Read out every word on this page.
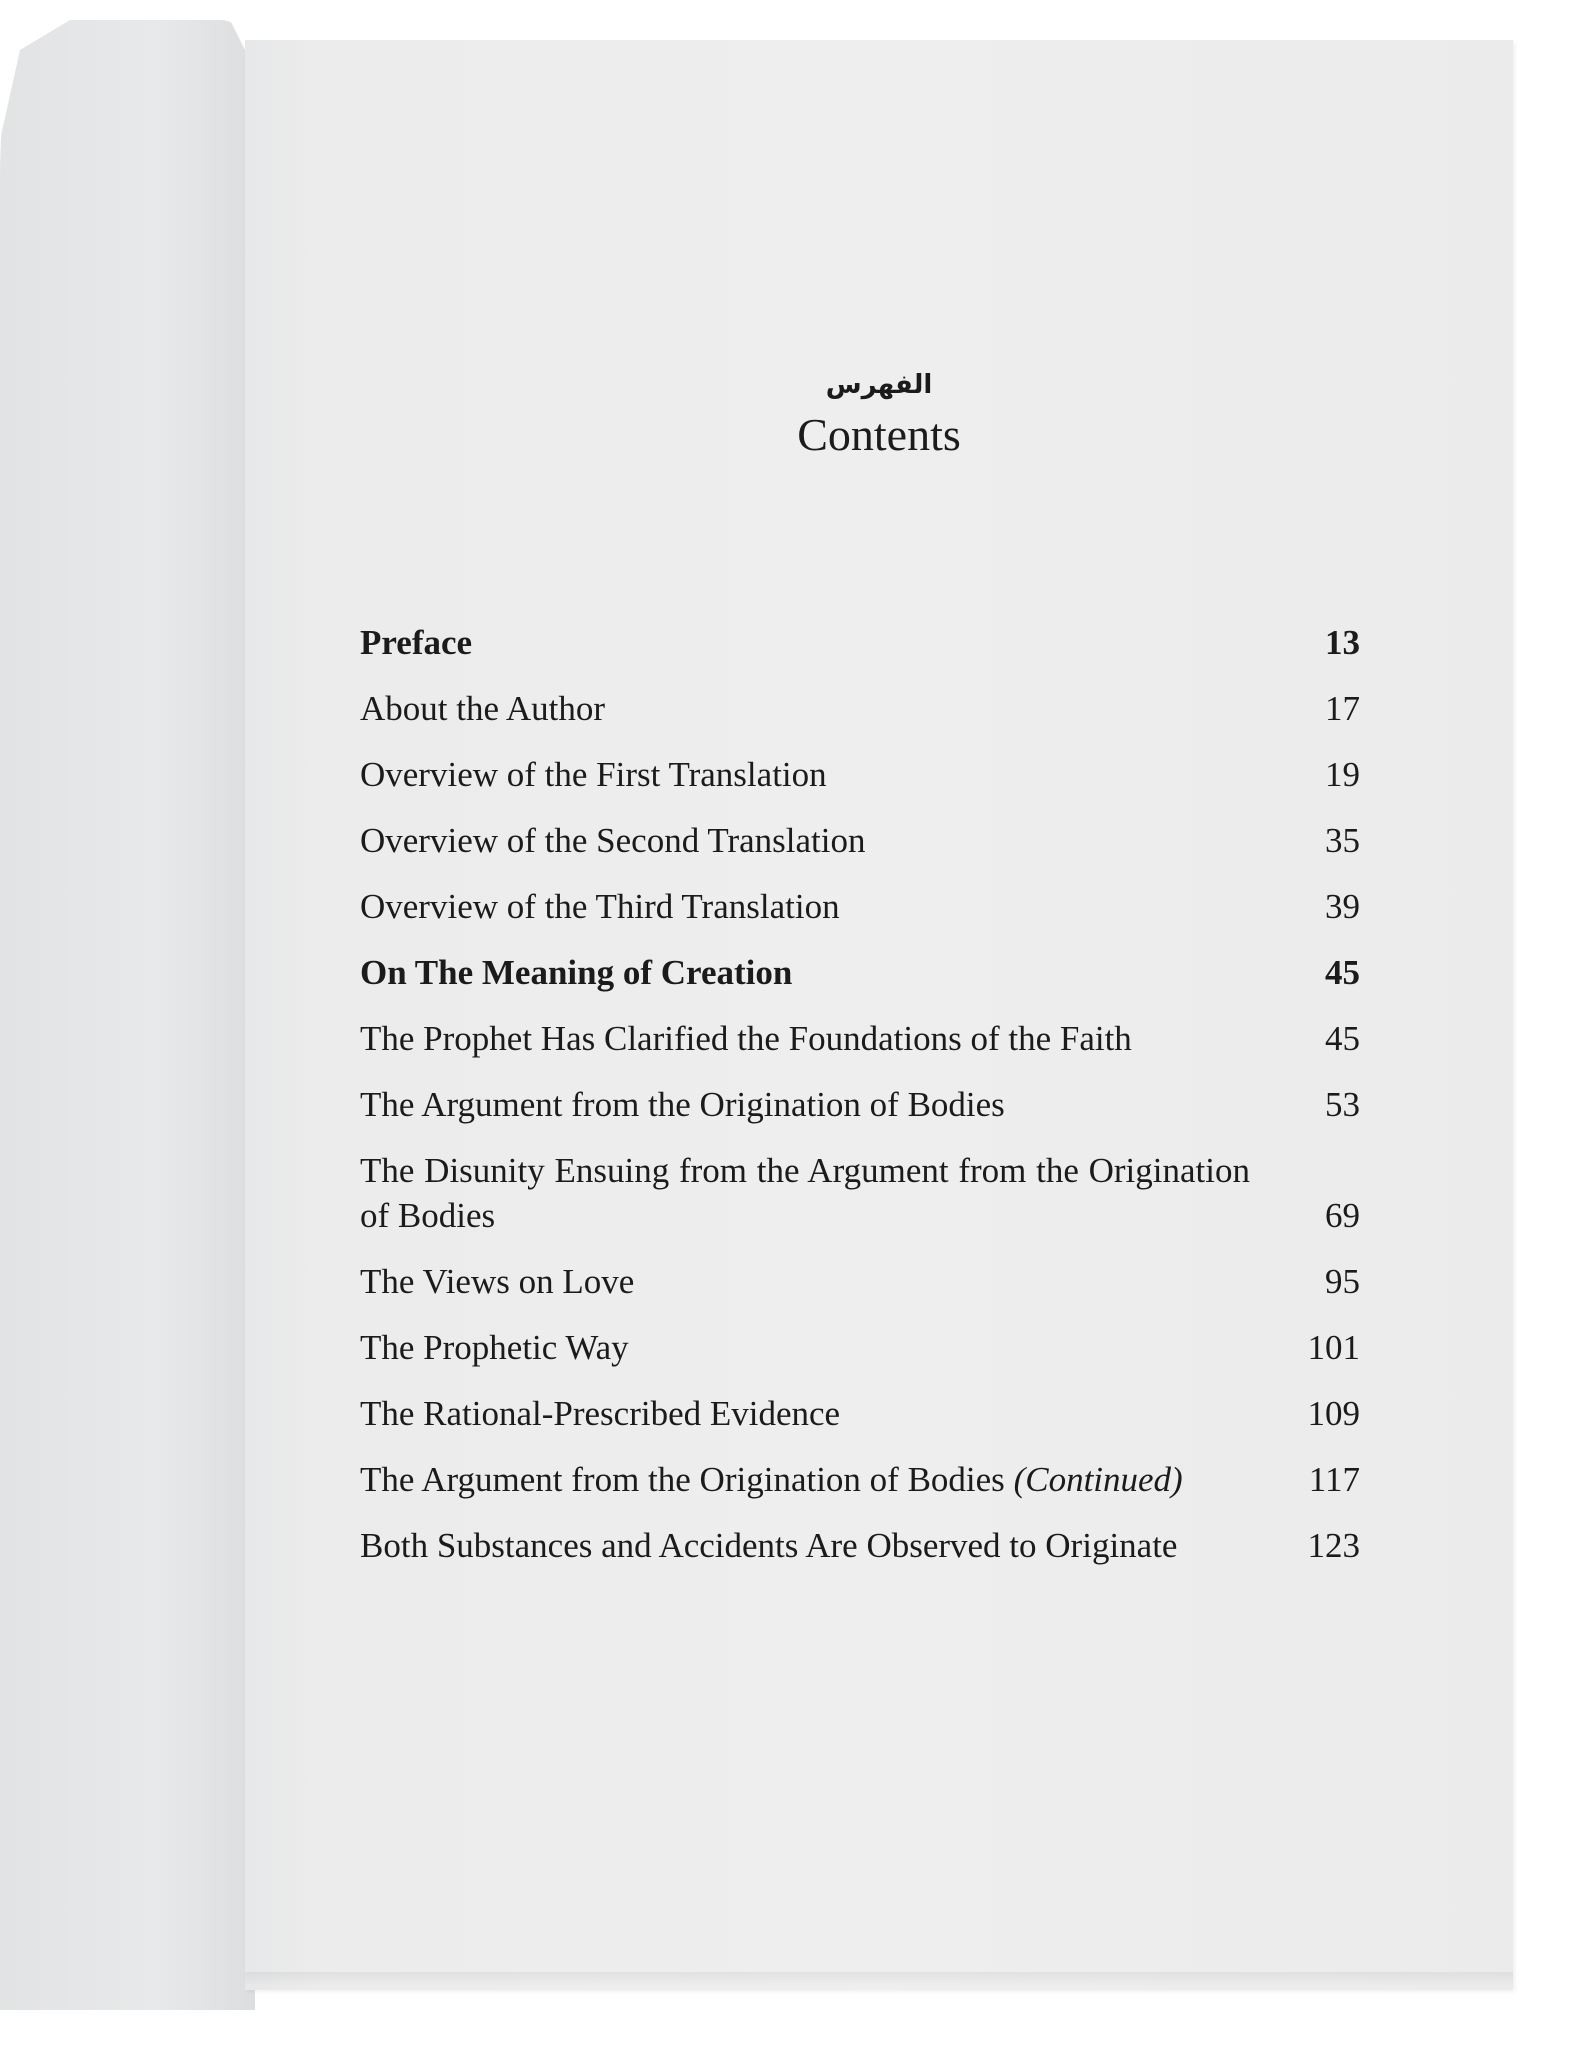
الفهرس
Contents
Preface	13
About the Author	17
Overview of the First Translation	19
Overview of the Second Translation	35
Overview of the Third Translation	39
On The Meaning of Creation	45
The Prophet Has Clarified the Foundations of the Faith	45
The Argument from the Origination of Bodies	53
The Disunity Ensuing from the Argument from the Origination of Bodies	69
The Views on Love	95
The Prophetic Way	101
The Rational-Prescribed Evidence	109
The Argument from the Origination of Bodies (Continued)	117
Both Substances and Accidents Are Observed to Originate	123
